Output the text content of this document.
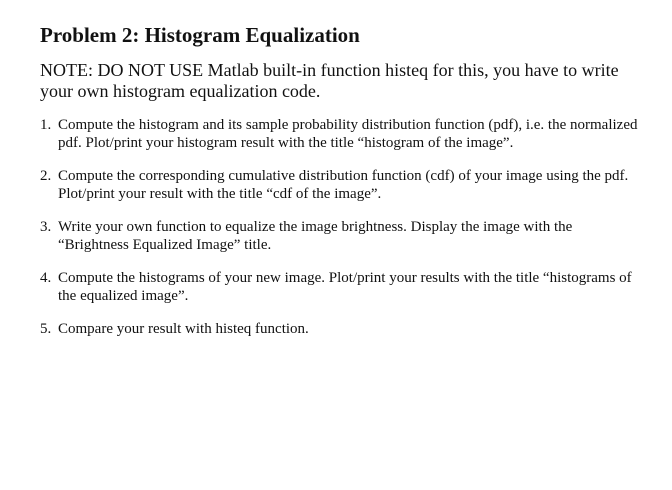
Problem 2: Histogram Equalization

NOTE: DO NOT USE Matlab built-in function histeq for this, you have to write your own histogram equalization code.

1. Compute the histogram and its sample probability distribution function (pdf), i.e. the normalized pdf. Plot/print your histogram result with the title “histogram of the image”.
2. Compute the corresponding cumulative distribution function (cdf) of your image using the pdf. Plot/print your result with the title “cdf of the image”.
3. Write your own function to equalize the image brightness. Display the image with the “Brightness Equalized Image” title.
4. Compute the histograms of your new image. Plot/print your results with the title “histograms of the equalized image”.
5. Compare your result with histeq function.
